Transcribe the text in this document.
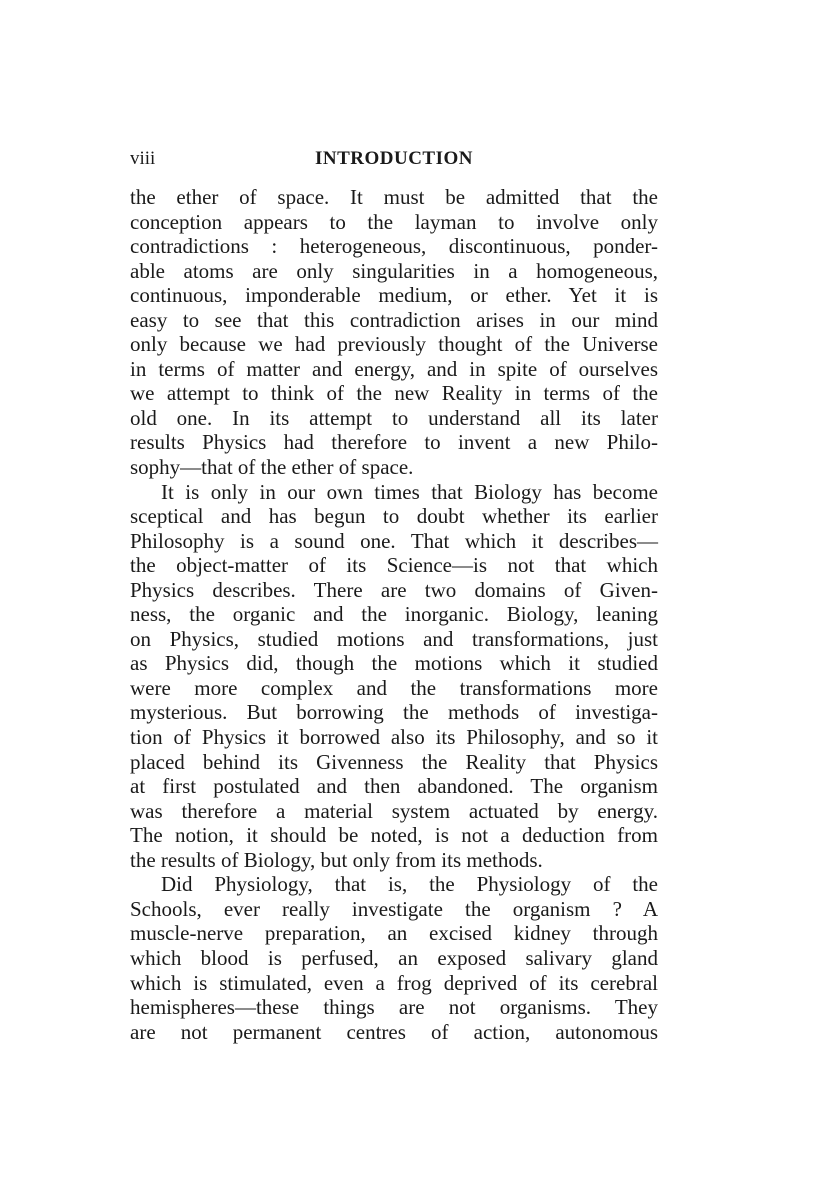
viii	INTRODUCTION
the ether of space. It must be admitted that the
conception appears to the layman to involve only
contradictions : heterogeneous, discontinuous, ponder-
able atoms are only singularities in a homogeneous,
continuous, imponderable medium, or ether. Yet it is
easy to see that this contradiction arises in our mind
only because we had previously thought of the Universe
in terms of matter and energy, and in spite of ourselves
we attempt to think of the new Reality in terms of the
old one. In its attempt to understand all its later
results Physics had therefore to invent a new Philo-
sophy—that of the ether of space.
It is only in our own times that Biology has become
sceptical and has begun to doubt whether its earlier
Philosophy is a sound one. That which it describes—
the object-matter of its Science—is not that which
Physics describes. There are two domains of Given-
ness, the organic and the inorganic. Biology, leaning
on Physics, studied motions and transformations, just
as Physics did, though the motions which it studied
were more complex and the transformations more
mysterious. But borrowing the methods of investiga-
tion of Physics it borrowed also its Philosophy, and so it
placed behind its Givenness the Reality that Physics
at first postulated and then abandoned. The organism
was therefore a material system actuated by energy.
The notion, it should be noted, is not a deduction from
the results of Biology, but only from its methods.
Did Physiology, that is, the Physiology of the
Schools, ever really investigate the organism ? A
muscle-nerve preparation, an excised kidney through
which blood is perfused, an exposed salivary gland
which is stimulated, even a frog deprived of its cerebral
hemispheres—these things are not organisms. They
are not permanent centres of action, autonomous
